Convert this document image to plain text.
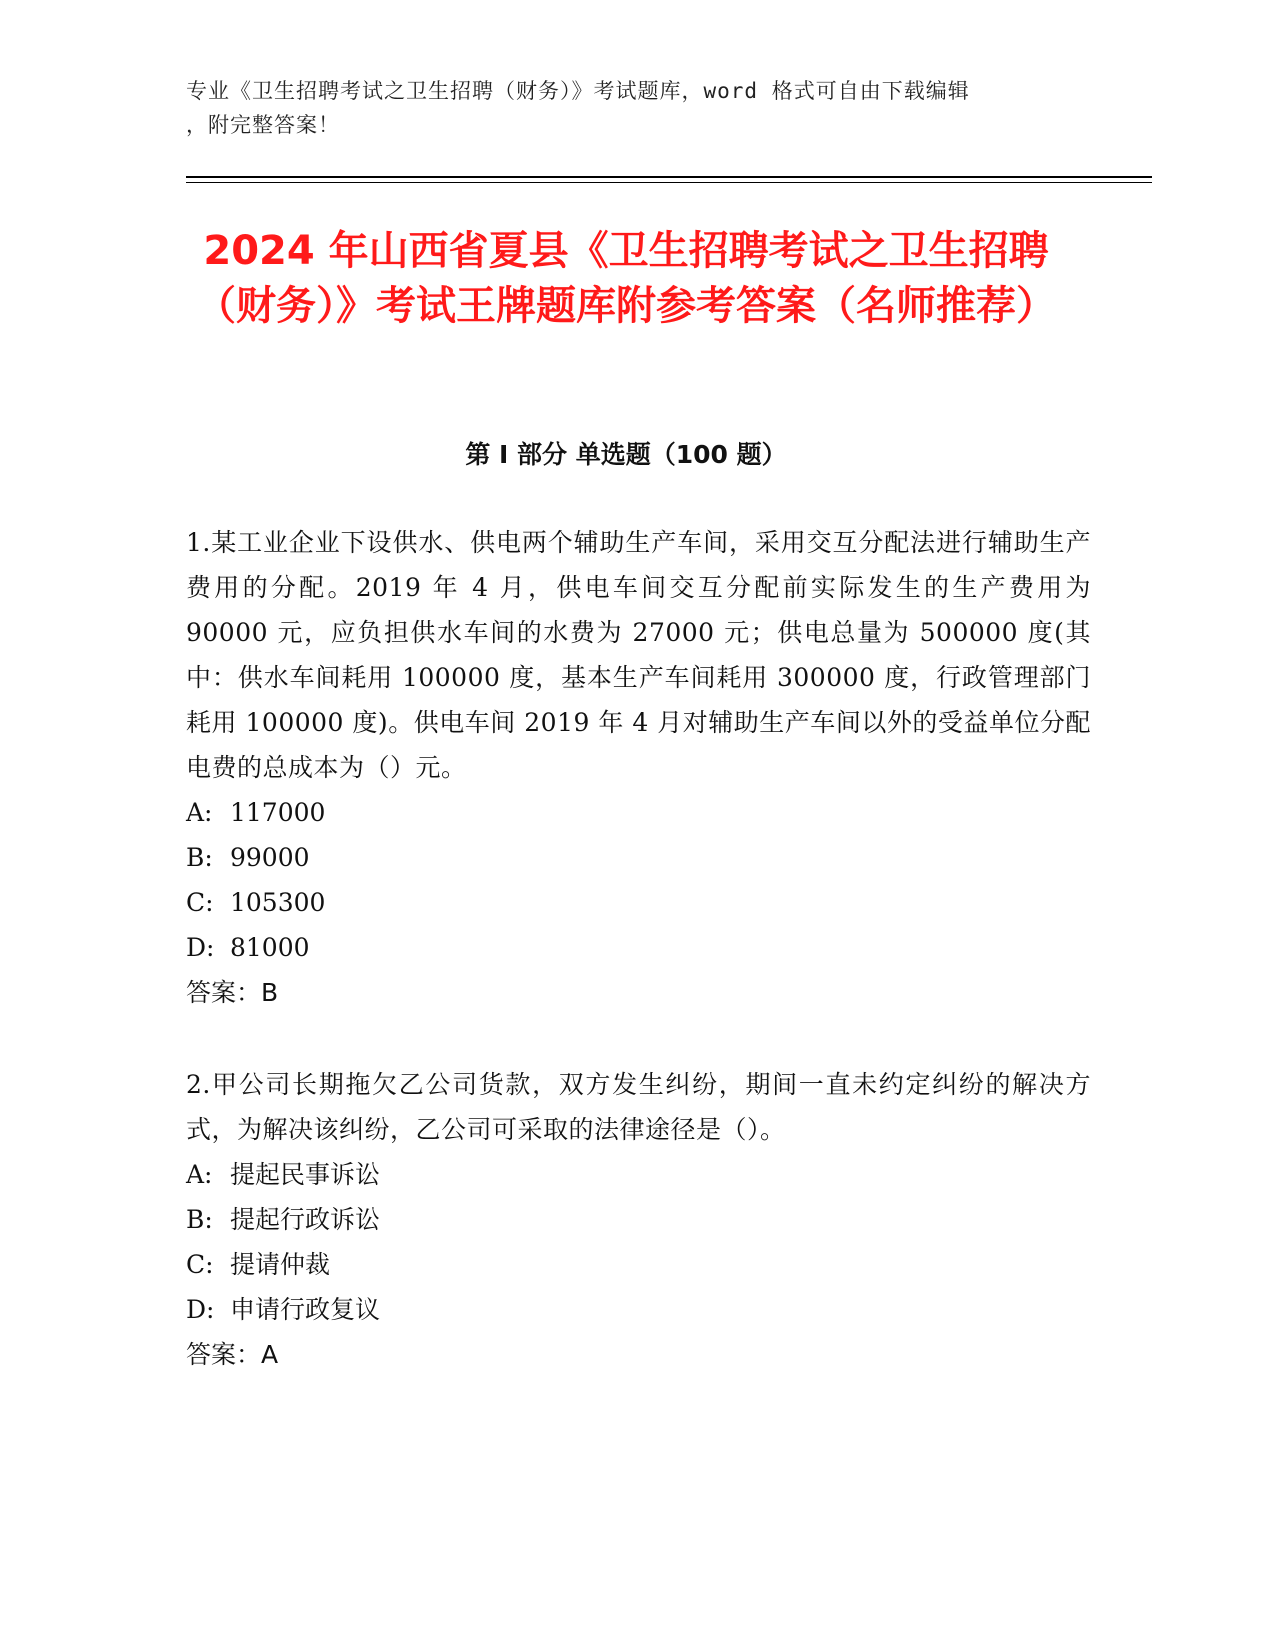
专业《卫生招聘考试之卫生招聘（财务）》考试题库，word 格式可自由下载编辑
，附完整答案！
2024 年山西省夏县《卫生招聘考试之卫生招聘（财务）》考试王牌题库附参考答案（名师推荐）
第 I 部分 单选题（100 题）

1.某工业企业下设供水、供电两个辅助生产车间，采用交互分配法进行辅助生产费用的分配。2019 年 4 月，供电车间交互分配前实际发生的生产费用为 90000 元，应负担供水车间的水费为 27000 元；供电总量为 500000 度(其中：供水车间耗用 100000 度，基本生产车间耗用 300000 度，行政管理部门耗用 100000 度)。供电车间 2019 年 4 月对辅助生产车间以外的受益单位分配电费的总成本为（）元。

A: 117000

B: 99000

C: 105300

D: 81000

答案：B

2.甲公司长期拖欠乙公司货款，双方发生纠纷，期间一直未约定纠纷的解决方式，为解决该纠纷，乙公司可采取的法律途径是（）。

A: 提起民事诉讼

B: 提起行政诉讼

C: 提请仲裁

D: 申请行政复议

答案：A
